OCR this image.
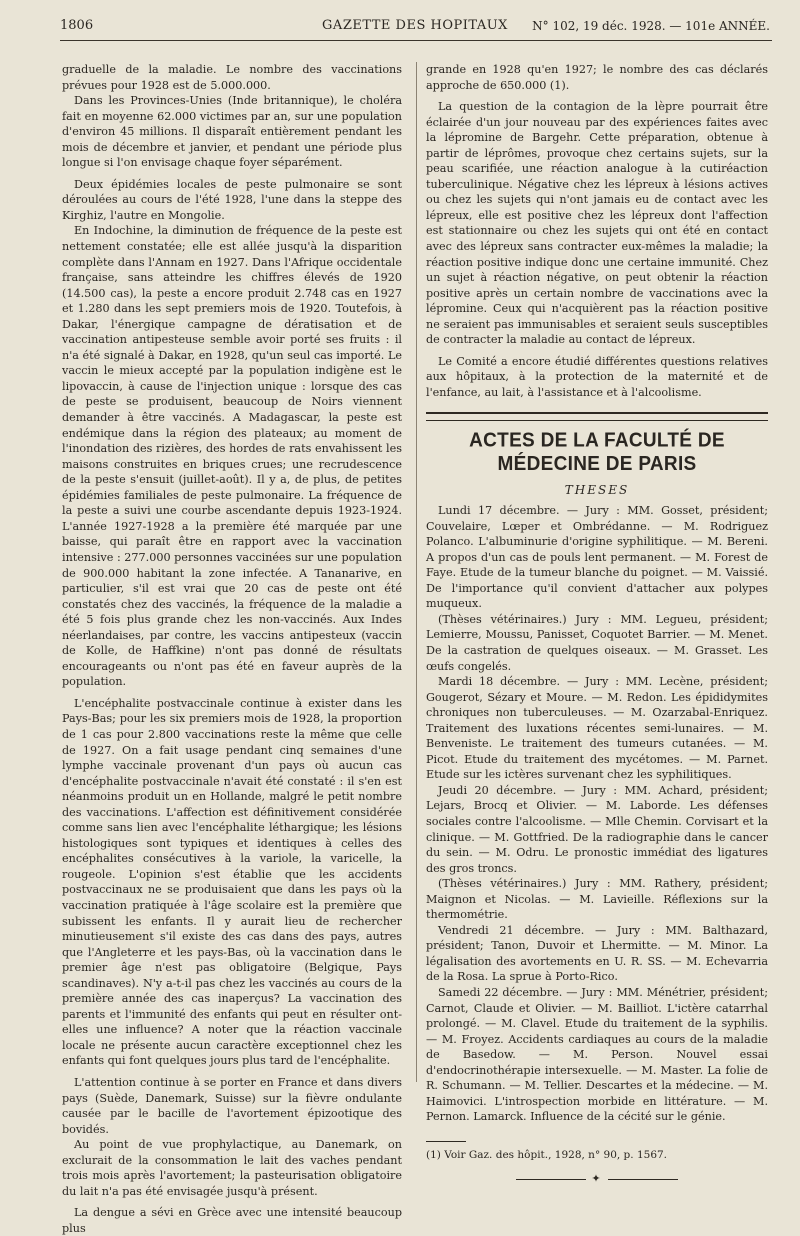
1806	GAZETTE DES HOPITAUX	N° 102, 19 déc. 1928. — 101e ANNÉE.

graduelle de la maladie. Le nombre des vaccinations prévues pour 1928 est de 5.000.000.

Dans les Provinces-Unies (Inde britannique), le choléra fait en moyenne 62.000 victimes par an, sur une population d'environ 45 millions. Il disparaît entièrement pendant les mois de décembre et janvier, et pendant une période plus longue si l'on envisage chaque foyer séparément.

Deux épidémies locales de peste pulmonaire se sont déroulées au cours de l'été 1928, l'une dans la steppe des Kirghiz, l'autre en Mongolie.

En Indochine, la diminution de fréquence de la peste est nettement constatée; elle est allée jusqu'à la disparition complète dans l'Annam en 1927. Dans l'Afrique occidentale française, sans atteindre les chiffres élevés de 1920 (14.500 cas), la peste a encore produit 2.748 cas en 1927 et 1.280 dans les sept premiers mois de 1920. Toutefois, à Dakar, l'énergique campagne de dératisation et de vaccination antipesteuse semble avoir porté ses fruits : il n'a été signalé à Dakar, en 1928, qu'un seul cas importé. Le vaccin le mieux accepté par la population indigène est le lipovaccin, à cause de l'injection unique : lorsque des cas de peste se produisent, beaucoup de Noirs viennent demander à être vaccinés. A Madagascar, la peste est endémique dans la région des plateaux; au moment de l'inondation des rizières, des hordes de rats envahissent les maisons construites en briques crues; une recrudescence de la peste s'ensuit (juillet-août). Il y a, de plus, de petites épidémies familiales de peste pulmonaire. La fréquence de la peste a suivi une courbe ascendante depuis 1923-1924. L'année 1927-1928 a la première été marquée par une baisse, qui paraît être en rapport avec la vaccination intensive : 277.000 personnes vaccinées sur une population de 900.000 habitant la zone infectée. A Tananarive, en particulier, s'il est vrai que 20 cas de peste ont été constatés chez des vaccinés, la fréquence de la maladie a été 5 fois plus grande chez les non-vaccinés. Aux Indes néerlandaises, par contre, les vaccins antipesteux (vaccin de Kolle, de Haffkine) n'ont pas donné de résultats encourageants ou n'ont pas été en faveur auprès de la population.

L'encéphalite postvaccinale continue à exister dans les Pays-Bas; pour les six premiers mois de 1928, la proportion de 1 cas pour 2.800 vaccinations reste la même que celle de 1927. On a fait usage pendant cinq semaines d'une lymphe vaccinale provenant d'un pays où aucun cas d'encéphalite postvaccinale n'avait été constaté : il s'en est néanmoins produit un en Hollande, malgré le petit nombre des vaccinations. L'affection est définitivement considérée comme sans lien avec l'encéphalite léthargique; les lésions histologiques sont typiques et identiques à celles des encéphalites consécutives à la variole, la varicelle, la rougeole. L'opinion s'est établie que les accidents postvaccinaux ne se produisaient que dans les pays où la vaccination pratiquée à l'âge scolaire est la première que subissent les enfants. Il y aurait lieu de rechercher minutieusement s'il existe des cas dans des pays, autres que l'Angleterre et les pays-Bas, où la vaccination dans le premier âge n'est pas obligatoire (Belgique, Pays scandinaves). N'y a-t-il pas chez les vaccinés au cours de la première année des cas inaperçus? La vaccination des parents et l'immunité des enfants qui peut en résulter ont-elles une influence? A noter que la réaction vaccinale locale ne présente aucun caractère exceptionnel chez les enfants qui font quelques jours plus tard de l'encéphalite.

L'attention continue à se porter en France et dans divers pays (Suède, Danemark, Suisse) sur la fièvre ondulante causée par le bacille de l'avortement épizootique des bovidés.

Au point de vue prophylactique, au Danemark, on exclurait de la consommation le lait des vaches pendant trois mois après l'avortement; la pasteurisation obligatoire du lait n'a pas été envisagée jusqu'à présent.

La dengue a sévi en Grèce avec une intensité beaucoup plus

grande en 1928 qu'en 1927; le nombre des cas déclarés approche de 650.000 (1).

La question de la contagion de la lèpre pourrait être éclairée d'un jour nouveau par des expériences faites avec la lépromine de Bargehr. Cette préparation, obtenue à partir de léprômes, provoque chez certains sujets, sur la peau scarifiée, une réaction analogue à la cutiréaction tuberculinique. Négative chez les lépreux à lésions actives ou chez les sujets qui n'ont jamais eu de contact avec les lépreux, elle est positive chez les lépreux dont l'affection est stationnaire ou chez les sujets qui ont été en contact avec des lépreux sans contracter eux-mêmes la maladie; la réaction positive indique donc une certaine immunité. Chez un sujet à réaction négative, on peut obtenir la réaction positive après un certain nombre de vaccinations avec la lépromine. Ceux qui n'acquièrent pas la réaction positive ne seraient pas immunisables et seraient seuls susceptibles de contracter la maladie au contact de lépreux.

Le Comité a encore étudié différentes questions relatives aux hôpitaux, à la protection de la maternité et de l'enfance, au lait, à l'assistance et à l'alcoolisme.

ACTES DE LA FACULTÉ DE MÉDECINE DE PARIS
THESES

Lundi 17 décembre. — Jury : MM. Gosset, président; Couvelaire, Lœper et Ombrédanne. — M. Rodriguez Polanco. L'albuminurie d'origine syphilitique. — M. Bereni. A propos d'un cas de pouls lent permanent. — M. Forest de Faye. Etude de la tumeur blanche du poignet. — M. Vaissié. De l'importance qu'il convient d'attacher aux polypes muqueux.

(Thèses vétérinaires.) Jury : MM. Legueu, président; Lemierre, Moussu, Panisset, Coquotet Barrier. — M. Menet. De la castration de quelques oiseaux. — M. Grasset. Les œufs congelés.

Mardi 18 décembre. — Jury : MM. Lecène, président; Gougerot, Sézary et Moure. — M. Redon. Les épididymites chroniques non tuberculeuses. — M. Ozarzabal-Enriquez. Traitement des luxations récentes semi-lunaires. — M. Benveniste. Le traitement des tumeurs cutanées. — M. Picot. Etude du traitement des mycétomes. — M. Parnet. Etude sur les ictères survenant chez les syphilitiques.

Jeudi 20 décembre. — Jury : MM. Achard, président; Lejars, Brocq et Olivier. — M. Laborde. Les défenses sociales contre l'alcoolisme. — Mlle Chemin. Corvisart et la clinique. — M. Gottfried. De la radiographie dans le cancer du sein. — M. Odru. Le pronostic immédiat des ligatures des gros troncs.

(Thèses vétérinaires.) Jury : MM. Rathery, président; Maignon et Nicolas. — M. Lavieille. Réflexions sur la thermométrie.

Vendredi 21 décembre. — Jury : MM. Balthazard, président; Tanon, Duvoir et Lhermitte. — M. Minor. La légalisation des avortements en U. R. SS. — M. Echevarria de la Rosa. La sprue à Porto-Rico.

Samedi 22 décembre. — Jury : MM. Ménétrier, président; Carnot, Claude et Olivier. — M. Bailliot. L'ictère catarrhal prolongé. — M. Clavel. Etude du traitement de la syphilis. — M. Froyez. Accidents cardiaques au cours de la maladie de Basedow. — M. Person. Nouvel essai d'endocrinothérapie intersexuelle. — M. Master. La folie de R. Schumann. — M. Tellier. Descartes et la médecine. — M. Haimovici. L'introspection morbide en littérature. — M. Pernon. Lamarck. Influence de la cécité sur le génie.

(1) Voir Gaz. des hôpit., 1928, n° 90, p. 1567.

✦
